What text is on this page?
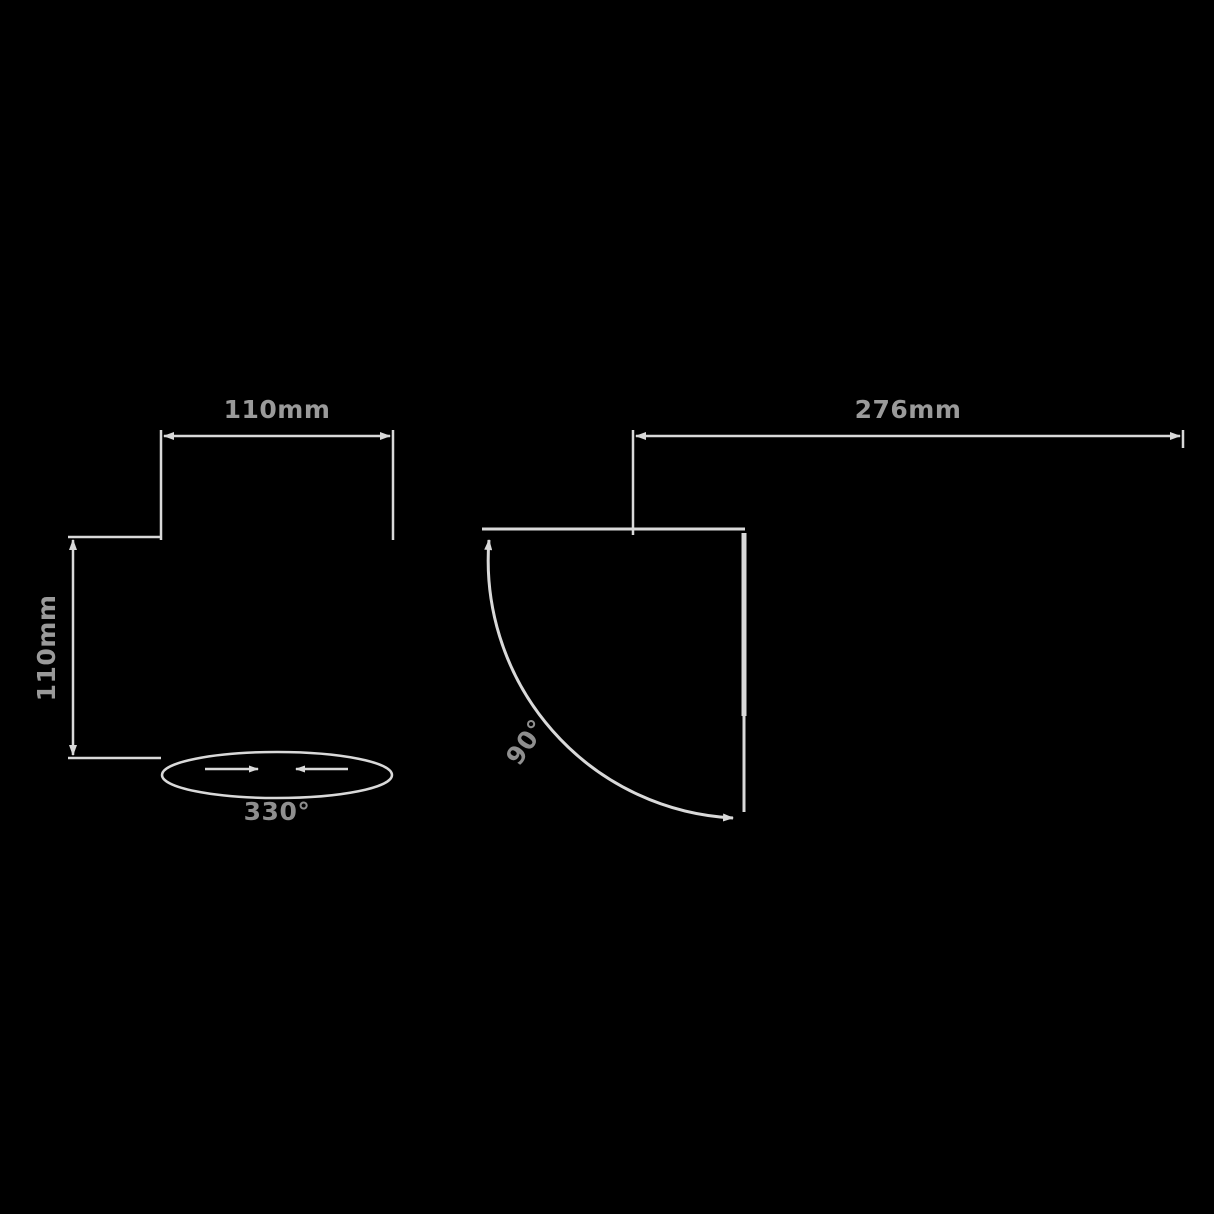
110mm
110mm
330°
276mm
90°
